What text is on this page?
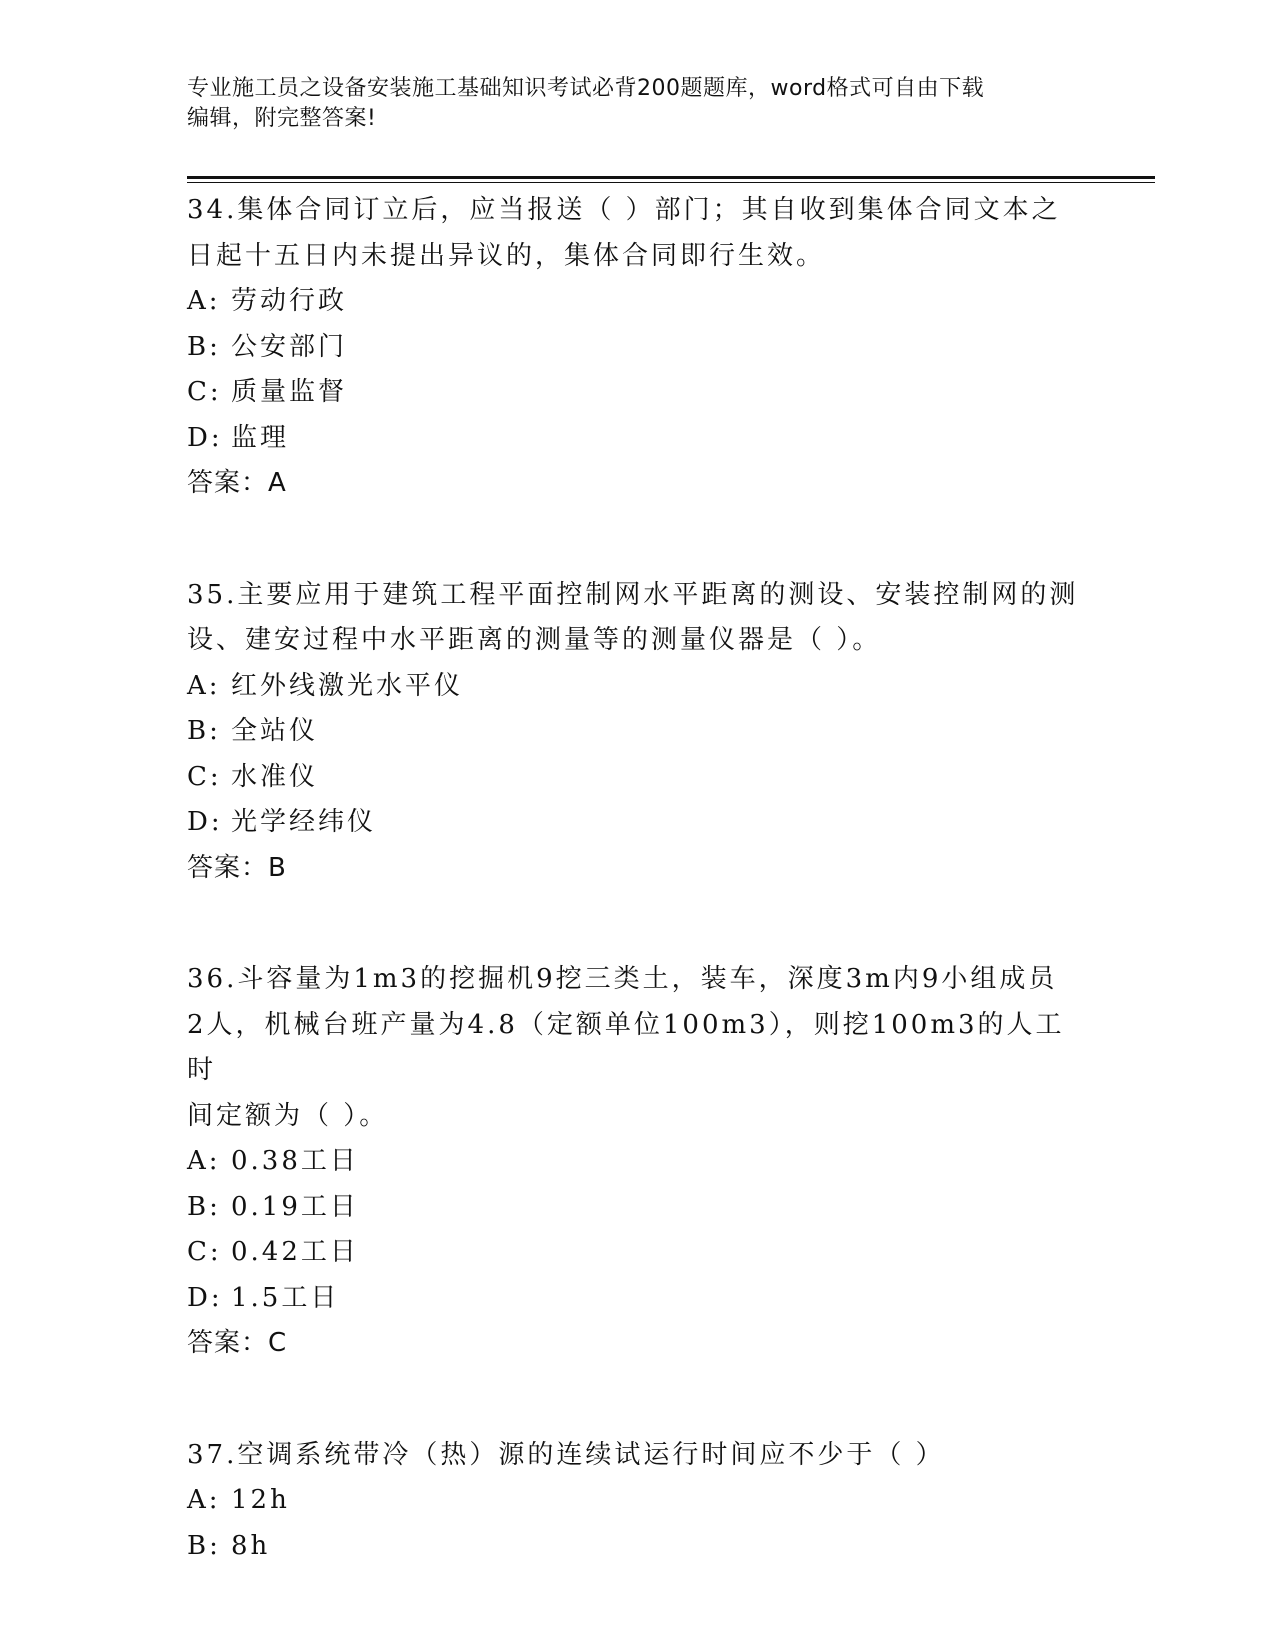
专业施工员之设备安装施工基础知识考试必背200题题库，word格式可自由下载
编辑，附完整答案!
34.集体合同订立后，应当报送（ ）部门；其自收到集体合同文本之
日起十五日内未提出异议的，集体合同即行生效。
A: 劳动行政
B: 公安部门
C: 质量监督
D: 监理
答案：A
35.主要应用于建筑工程平面控制网水平距离的测设、安装控制网的测
设、建安过程中水平距离的测量等的测量仪器是（ ）。
A: 红外线激光水平仪
B: 全站仪
C: 水准仪
D: 光学经纬仪
答案：B
36.斗容量为1m3的挖掘机9挖三类土，装车，深度3m内9小组成员
2人，机械台班产量为4.8（定额单位100m3），则挖100m3的人工时
间定额为（ ）。
A: 0.38工日
B: 0.19工日
C: 0.42工日
D: 1.5工日
答案：C
37.空调系统带冷（热）源的连续试运行时间应不少于（ ）
A: 12h
B: 8h
